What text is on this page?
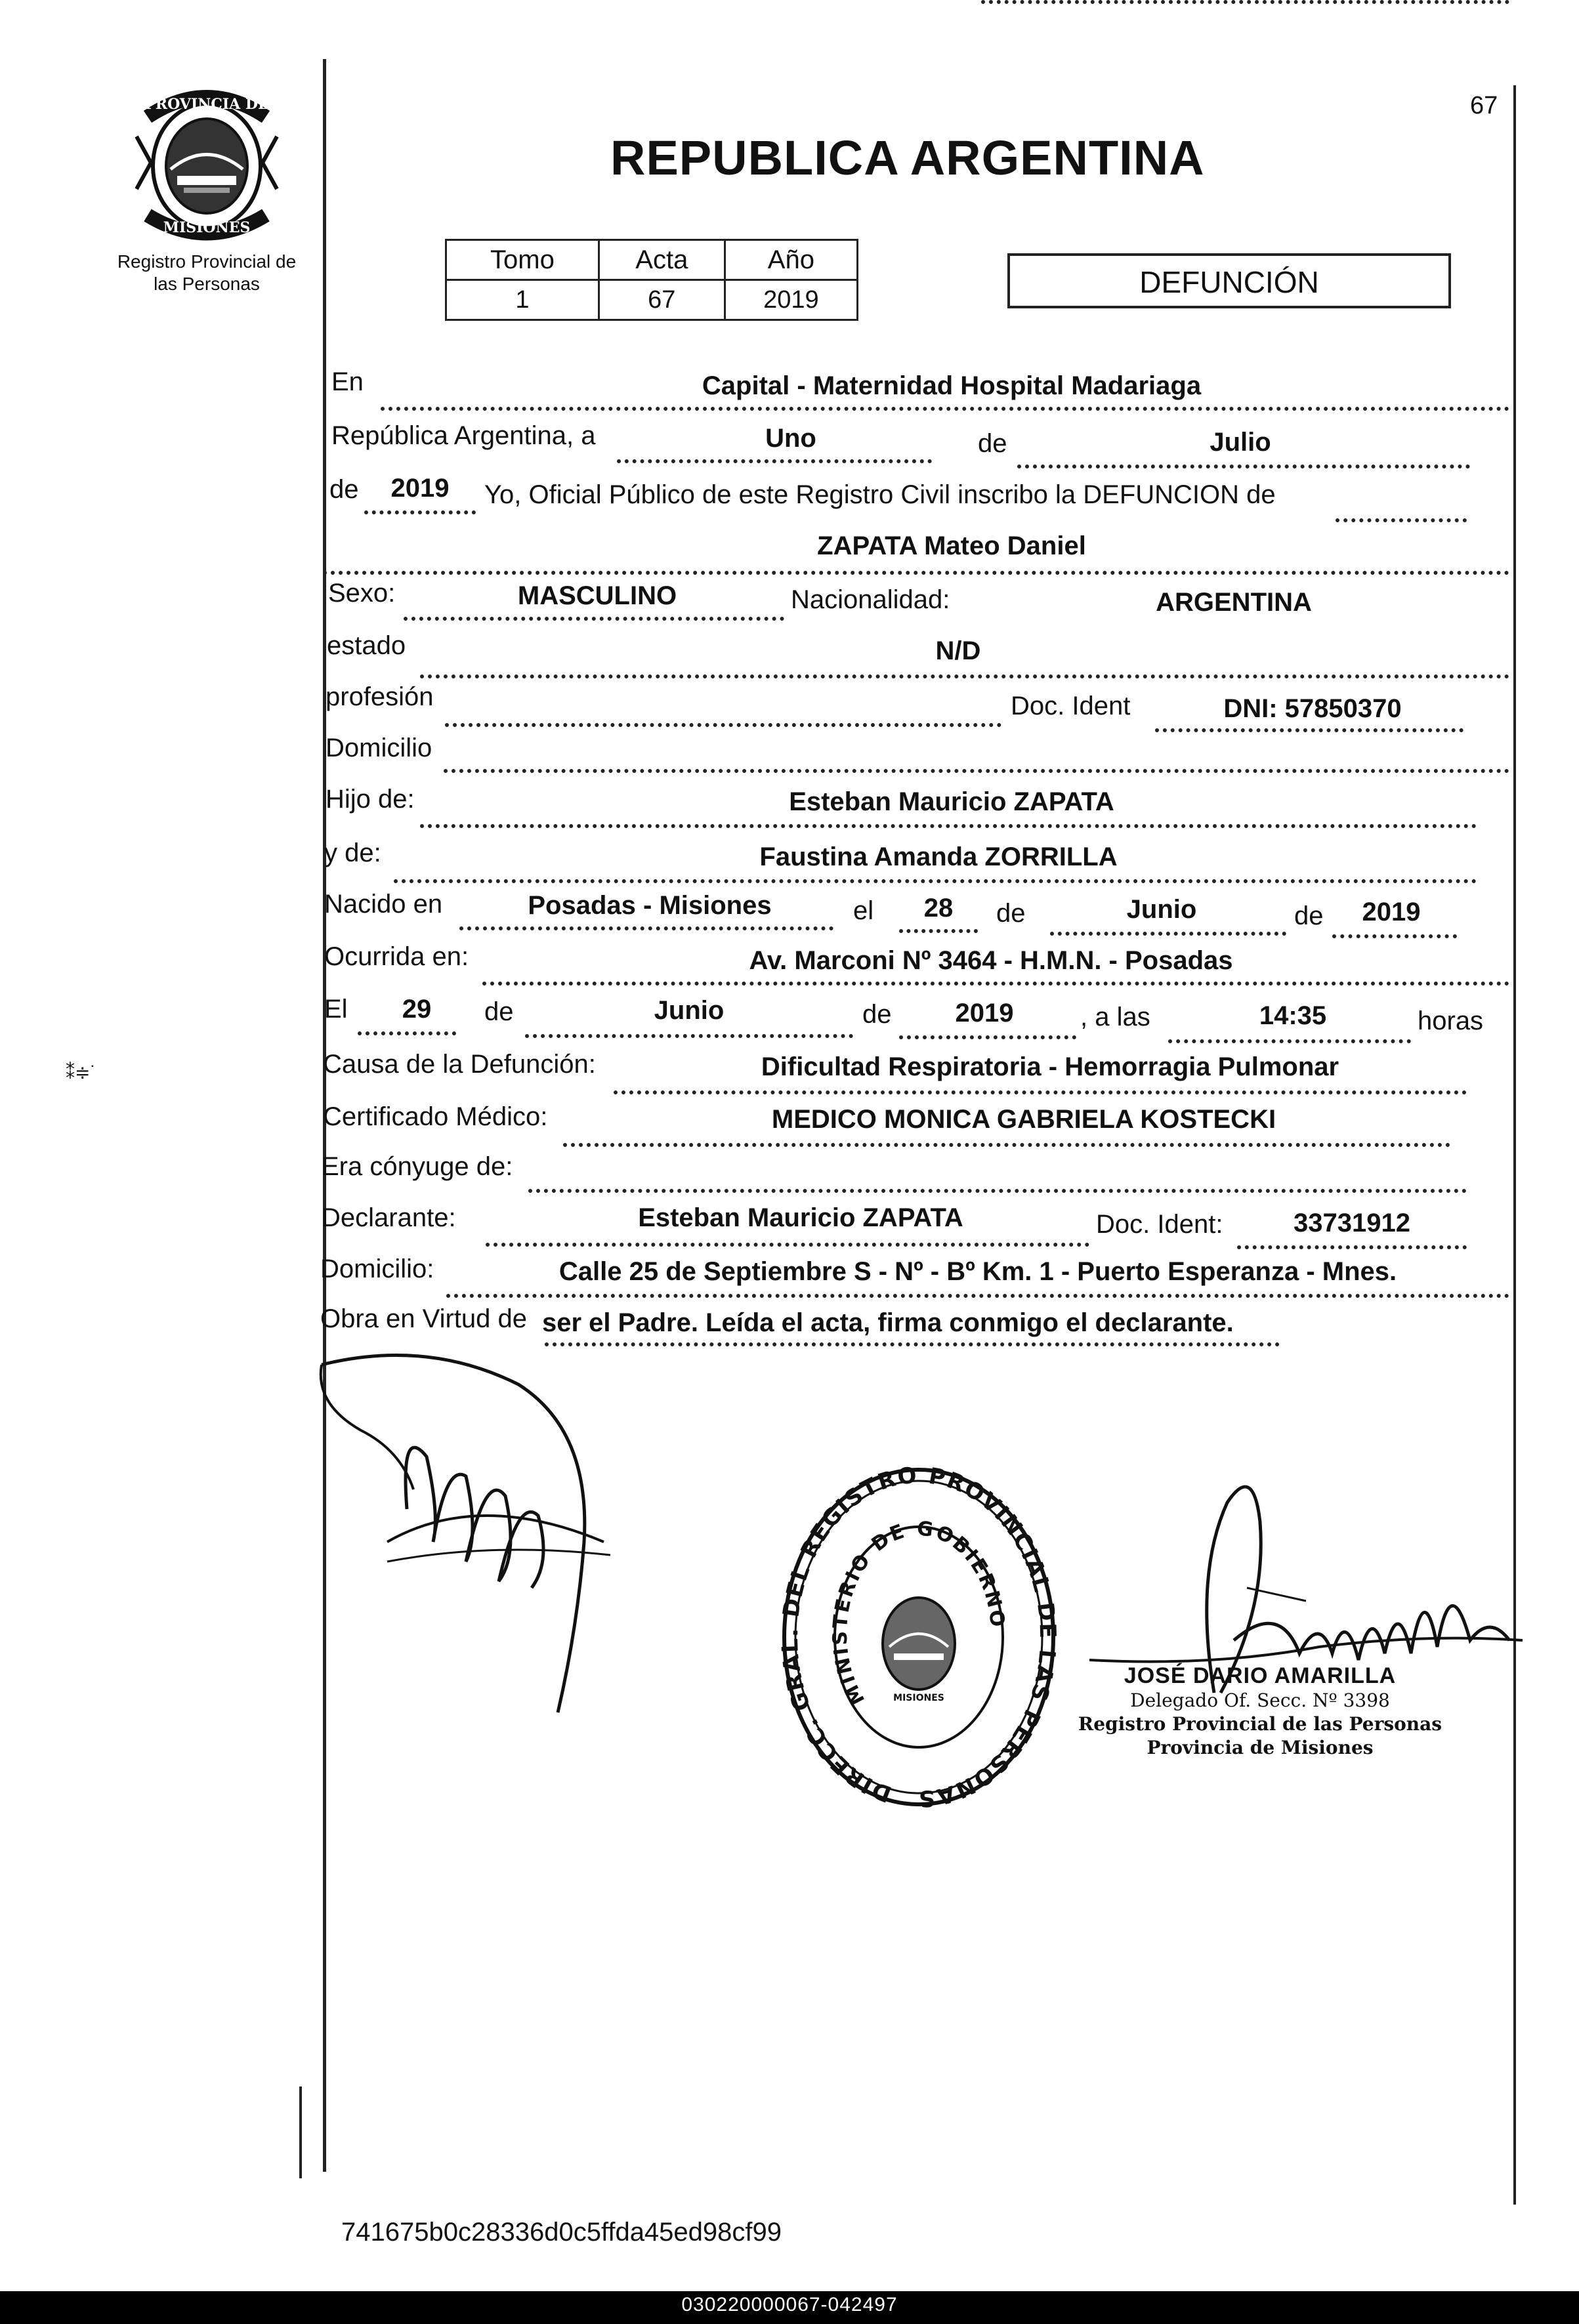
PROVINCIA DE
MISIONES
Registro Provincial de
las Personas
67
REPUBLICA ARGENTINA
Tomo	Acta	Año
1	67	2019
DEFUNCIÓN
En	Capital - Maternidad Hospital Madariaga
República Argentina, a	Uno	de	Julio
de	2019	Yo, Oficial Público de este Registro Civil inscribo la DEFUNCION de
ZAPATA Mateo Daniel
Sexo:	MASCULINO	Nacionalidad:	ARGENTINA
estado	N/D
profesión	Doc. Ident	DNI: 57850370
Domicilio
Hijo de:	Esteban Mauricio ZAPATA
y de:	Faustina Amanda ZORRILLA
Nacido en	Posadas - Misiones	el	28	de	Junio	de	2019
Ocurrida en:	Av. Marconi Nº 3464 - H.M.N. - Posadas
El	29	de	Junio	de	2019	, a las	14:35	horas
Causa de la Defunción:	Dificultad Respiratoria - Hemorragia Pulmonar
Certificado Médico:	MEDICO MONICA GABRIELA KOSTECKI
Era cónyuge de:
Declarante:	Esteban Mauricio ZAPATA	Doc. Ident:	33731912
Domicilio:	Calle 25 de Septiembre S - Nº - Bº Km. 1 - Puerto Esperanza - Mnes.
Obra en Virtud de ser el Padre. Leída el acta, firma conmigo el declarante.
DIRECC. GRAL. DEL REGISTRO PROVINCIAL DE LAS PERSONAS
MINISTERIO DE GOBIERNO
MISIONES
JOSÉ DARIO AMARILLA
Delegado Of. Secc. Nº 3398
Registro Provincial de las Personas
Provincia de Misiones
⁑≑˙
741675b0c28336d0c5ffda45ed98cf99
030220000067-042497
